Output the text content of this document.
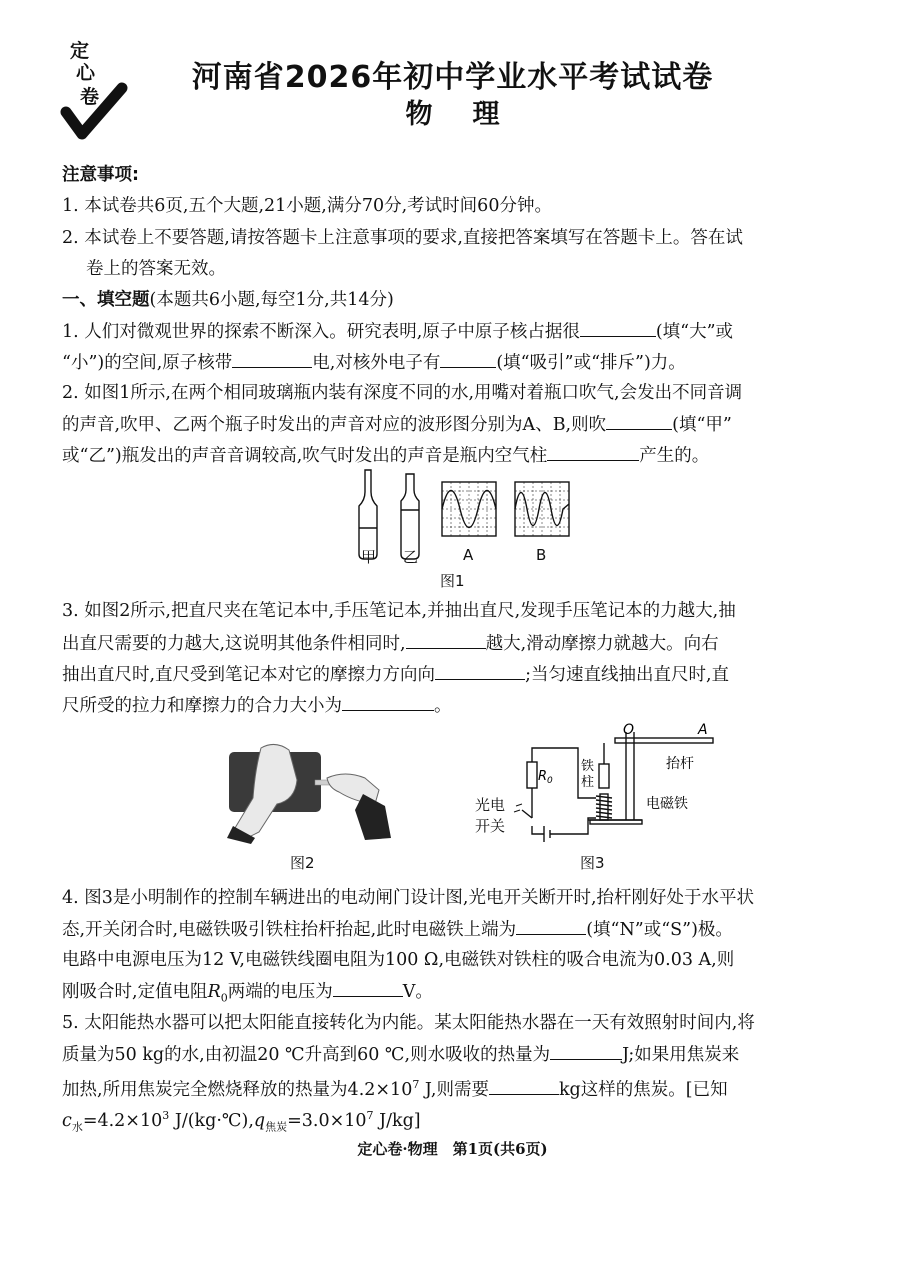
定
心
卷
河南省2026年初中学业水平考试试卷
物理
注意事项:
1. 本试卷共6页,五个大题,21小题,满分70分,考试时间60分钟。
2. 本试卷上不要答题,请按答题卡上注意事项的要求,直接把答案填写在答题卡上。答在试
卷上的答案无效。
一、填空题(本题共6小题,每空1分,共14分)
1. 人们对微观世界的探索不断深入。研究表明,原子中原子核占据很	(填“大”或
“小”)的空间,原子核带	电,对核外电子有	(填“吸引”或“排斥”)力。
2. 如图1所示,在两个相同玻璃瓶内装有深度不同的水,用嘴对着瓶口吹气,会发出不同音调
的声音,吹甲、乙两个瓶子时发出的声音对应的波形图分别为A、B,则吹	(填“甲”
或“乙”)瓶发出的声音音调较高,吹气时发出的声音是瓶内空气柱	产生的。
甲 乙	A	B
图1
3. 如图2所示,把直尺夹在笔记本中,手压笔记本,并抽出直尺,发现手压笔记本的力越大,抽
出直尺需要的力越大,这说明其他条件相同时,	越大,滑动摩擦力就越大。向右
抽出直尺时,直尺受到笔记本对它的摩擦力方向向	;当匀速直线抽出直尺时,直
尺所受的拉力和摩擦力的合力大小为	。
图2
O	A
$R_0$
铁
柱
抬杆
电磁铁
光电
开关
图3
4. 图3是小明制作的控制车辆进出的电动闸门设计图,光电开关断开时,抬杆刚好处于水平状
态,开关闭合时,电磁铁吸引铁柱抬杆抬起,此时电磁铁上端为	(填“N”或“S”)极。
电路中电源电压为12 V,电磁铁线圈电阻为100 Ω,电磁铁对铁柱的吸合电流为0.03 A,则
刚吸合时,定值电阻$R_0$两端的电压为	V。
5. 太阳能热水器可以把太阳能直接转化为内能。某太阳能热水器在一天有效照射时间内,将
质量为50 kg的水,由初温20 ℃升高到60 ℃,则水吸收的热量为	J;如果用焦炭来
加热,所用焦炭完全燃烧释放的热量为$4.2\times 10^7$ J,则需要	kg这样的焦炭。[已知
$c_水=4.2\times 10^3$ $J/(kg\cdot℃),q_{焦炭}=3.0\times 10^7$ J/kg]
定心卷·物理　第1页(共6页)
